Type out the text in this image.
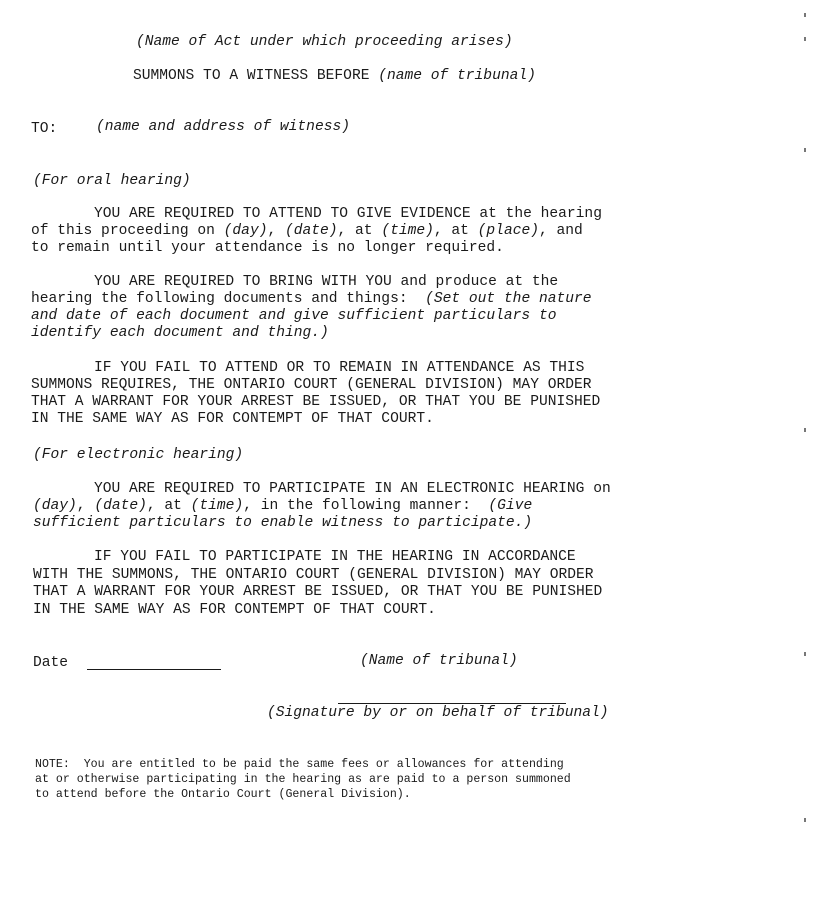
(Name of Act under which proceeding arises)
SUMMONS TO A WITNESS BEFORE (name of tribunal)
TO:	(name and address of witness)
(For oral hearing)
YOU ARE REQUIRED TO ATTEND TO GIVE EVIDENCE at the hearing
of this proceeding on (day), (date), at (time), at (place), and
to remain until your attendance is no longer required.
YOU ARE REQUIRED TO BRING WITH YOU and produce at the
hearing the following documents and things:  (Set out the nature
and date of each document and give sufficient particulars to
identify each document and thing.)
IF YOU FAIL TO ATTEND OR TO REMAIN IN ATTENDANCE AS THIS
SUMMONS REQUIRES, THE ONTARIO COURT (GENERAL DIVISION) MAY ORDER
THAT A WARRANT FOR YOUR ARREST BE ISSUED, OR THAT YOU BE PUNISHED
IN THE SAME WAY AS FOR CONTEMPT OF THAT COURT.
(For electronic hearing)
YOU ARE REQUIRED TO PARTICIPATE IN AN ELECTRONIC HEARING on
(day), (date), at (time), in the following manner:  (Give
sufficient particulars to enable witness to participate.)
IF YOU FAIL TO PARTICIPATE IN THE HEARING IN ACCORDANCE
WITH THE SUMMONS, THE ONTARIO COURT (GENERAL DIVISION) MAY ORDER
THAT A WARRANT FOR YOUR ARREST BE ISSUED, OR THAT YOU BE PUNISHED
IN THE SAME WAY AS FOR CONTEMPT OF THAT COURT.
Date	(Name of tribunal)
(Signature by or on behalf of tribunal)
NOTE:  You are entitled to be paid the same fees or allowances for attending
at or otherwise participating in the hearing as are paid to a person summoned
to attend before the Ontario Court (General Division).
